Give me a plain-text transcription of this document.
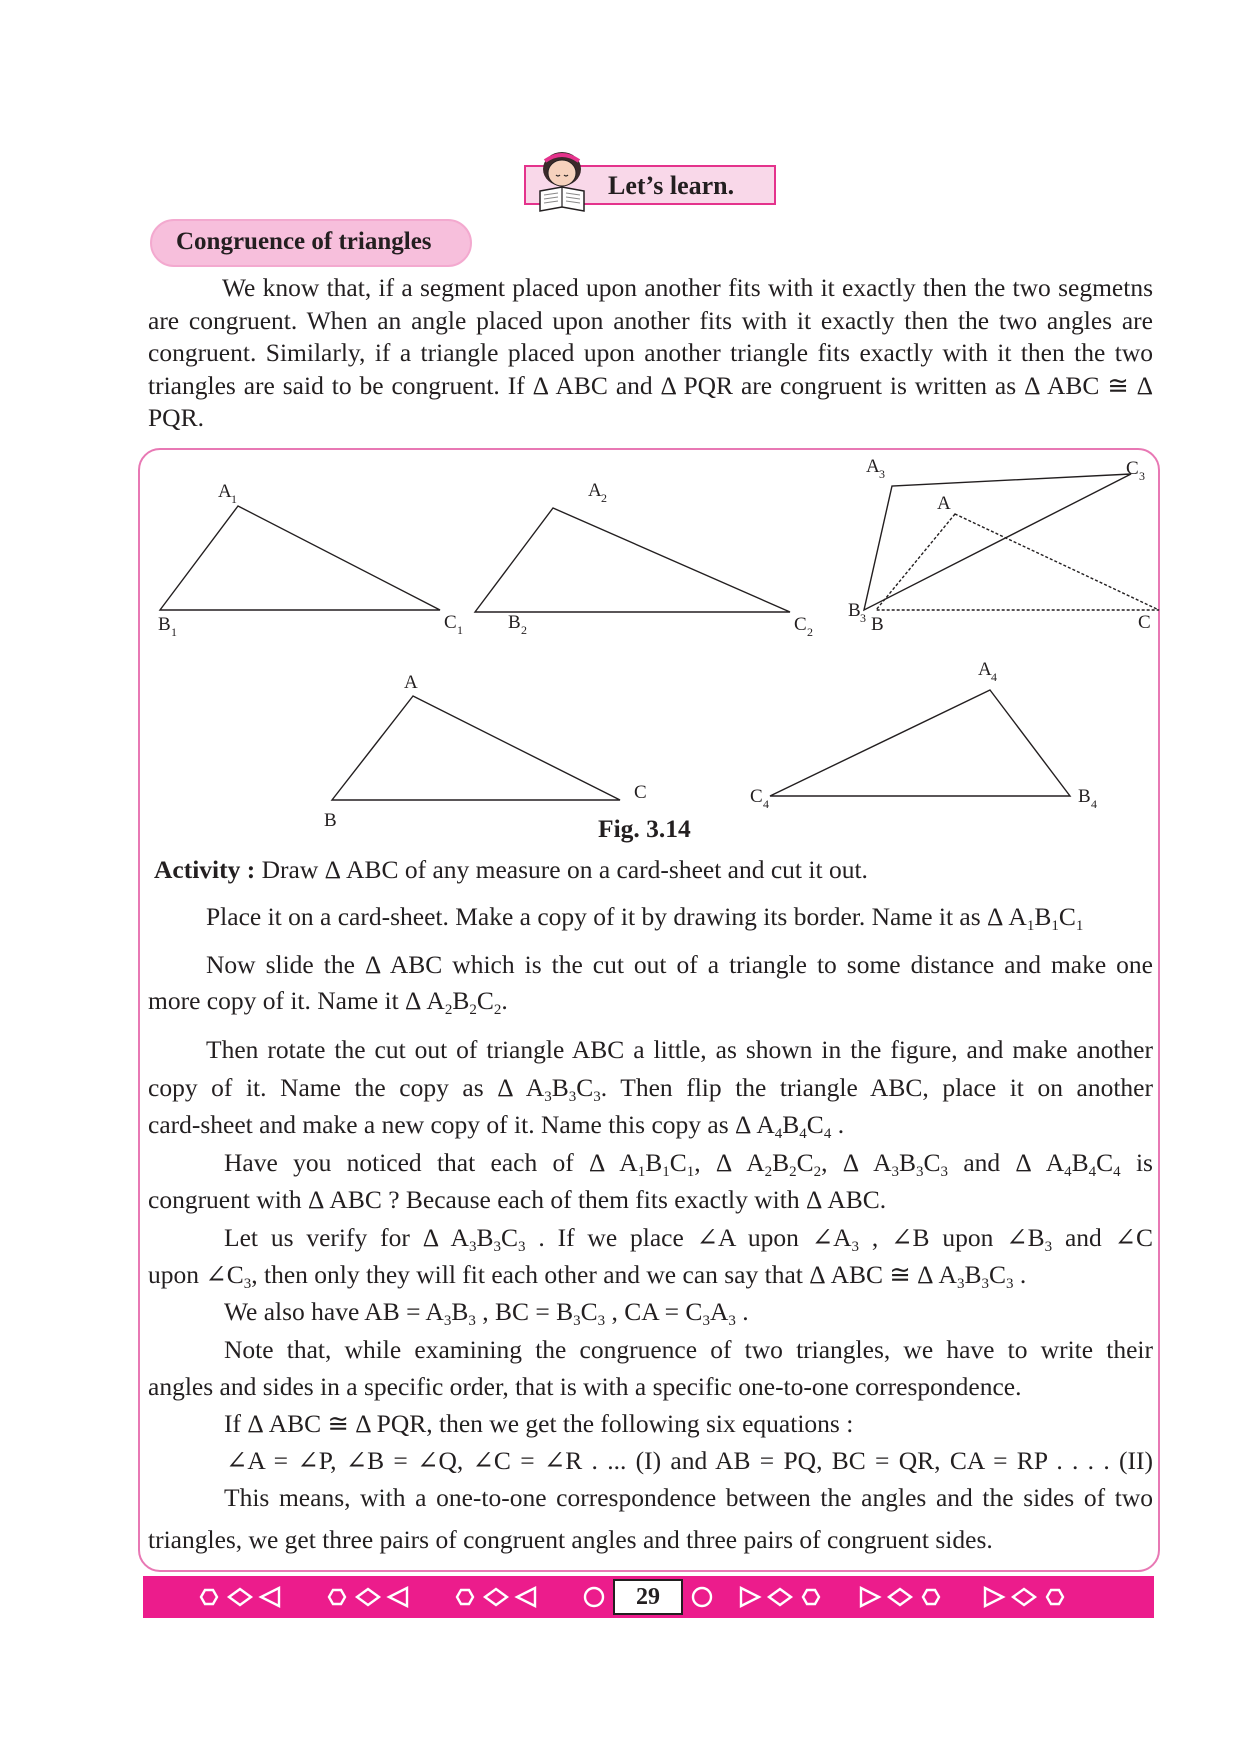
Let’s learn.
Congruence of triangles
We know that, if a segment placed upon another fits with it exactly then the two segmetns are congruent. When an angle placed upon another fits with it exactly then the two angles are congruent. Similarly, if a triangle placed upon another triangle fits exactly with it then the two triangles are said to be congruent. If Δ ABC and Δ PQR are congruent is written as Δ ABC ≅ Δ PQR.
A 1
B 1	C 1
A 2
B 2	C 2
A 3	C 3
A
B 3 B	C
A
B
C
A 4
C 4	B 4
Fig. 3.14
Activity : Draw Δ ABC of any measure on a card-sheet and cut it out.
Place it on a card-sheet. Make a copy of it by drawing its border. Name it as Δ $A_1B_1C_1$
Now slide the Δ ABC which is the cut out of a triangle to some distance and make one
more copy of it. Name it Δ $A_2B_2C_2$.
Then rotate the cut out of triangle ABC a little, as shown in the figure, and make another
copy of it. Name the copy as Δ $A_3B_3C_3$. Then flip the triangle ABC, place it on another
card-sheet and make a new copy of it. Name this copy as Δ $A_4B_4C_4$ .
Have you noticed that each of Δ $A_1B_1C_1$, Δ $A_2B_2C_2$, Δ $A_3B_3C_3$ and Δ $A_4B_4C_4$ is
congruent with Δ ABC ? Because each of them fits exactly with Δ ABC.
Let us verify for Δ $A_3B_3C_3$ . If we place ∠A upon $\angle A_3$ , ∠B upon $\angle B_3$ and ∠C
upon $\angle C_3$, then only they will fit each other and we can say that Δ ABC ≅ Δ $A_3B_3C_3$ .
We also have AB = $A_3B_3$ , BC = $B_3C_3$ , CA = $C_3A_3$ .
Note that, while examining the congruence of two triangles, we have to write their
angles and sides in a specific order, that is with a specific one-to-one correspondence.
If Δ ABC ≅ Δ PQR, then we get the following six equations :
∠A = ∠P, ∠B = ∠Q, ∠C = ∠R . ... (I) and AB = PQ, BC = QR, CA = RP . . . . (II)
This means, with a one-to-one correspondence between the angles and the sides of two
triangles, we get three pairs of congruent angles and three pairs of congruent sides.
29
